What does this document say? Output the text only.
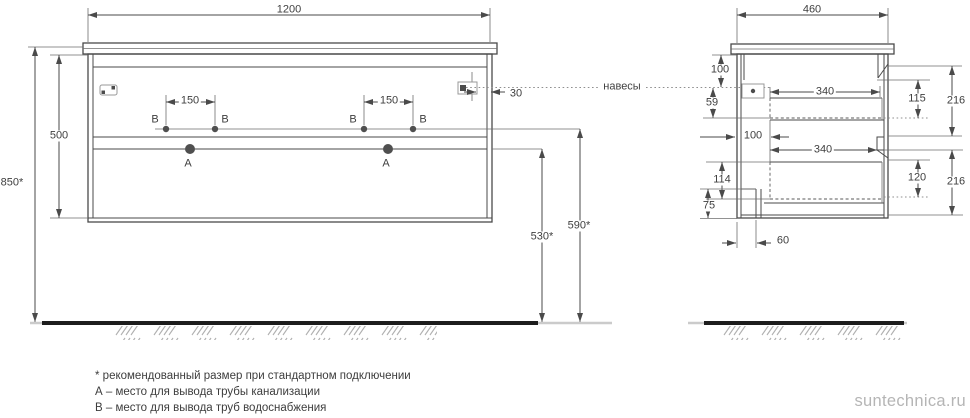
1200
850*
500
150	150
30
В	В	В	В
А	А
530*
590*
навесы
460
100
59
100
340
340
114
75
60
115 216
120 216
* рекомендованный размер при стандартном подключении
А – место для вывода трубы канализации
В – место для вывода труб водоснабжения	suntechnica.ru
